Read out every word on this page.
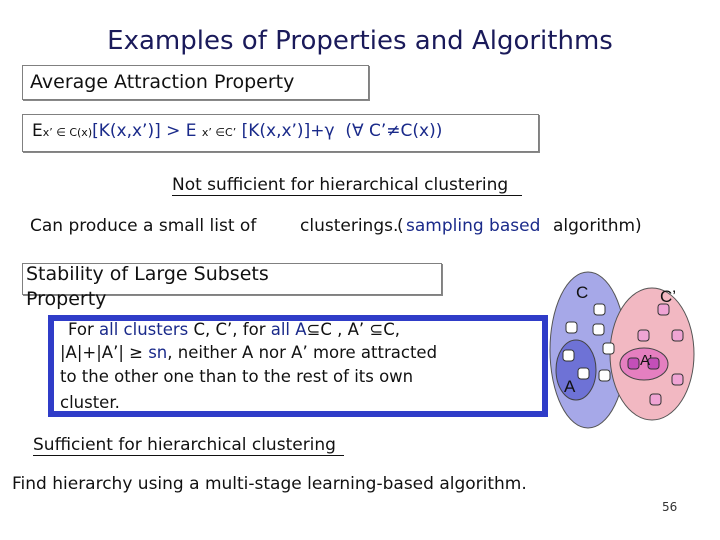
Examples of Properties and Algorithms
Average Attraction Property
Ex’ ∈ C(x)[K(x,x’)] > E x’ ∈C’ [K(x,x’)]+γ (∀ C’≠C(x))
Not sufficient for hierarchical clustering
Can produce a small list of	clusterings.
( sampling based algorithm)
Stability of Large Subsets
Property
For all clusters C, C’, for all A⊆C , A’ ⊆C,
|A|+|A’| ≥ sn, neither A nor A’ more attracted
to the other one than to the rest of its own
cluster.
C	C’
A
A’
Sufficient for hierarchical clustering
Find hierarchy using a multi-stage learning-based algorithm.
56
